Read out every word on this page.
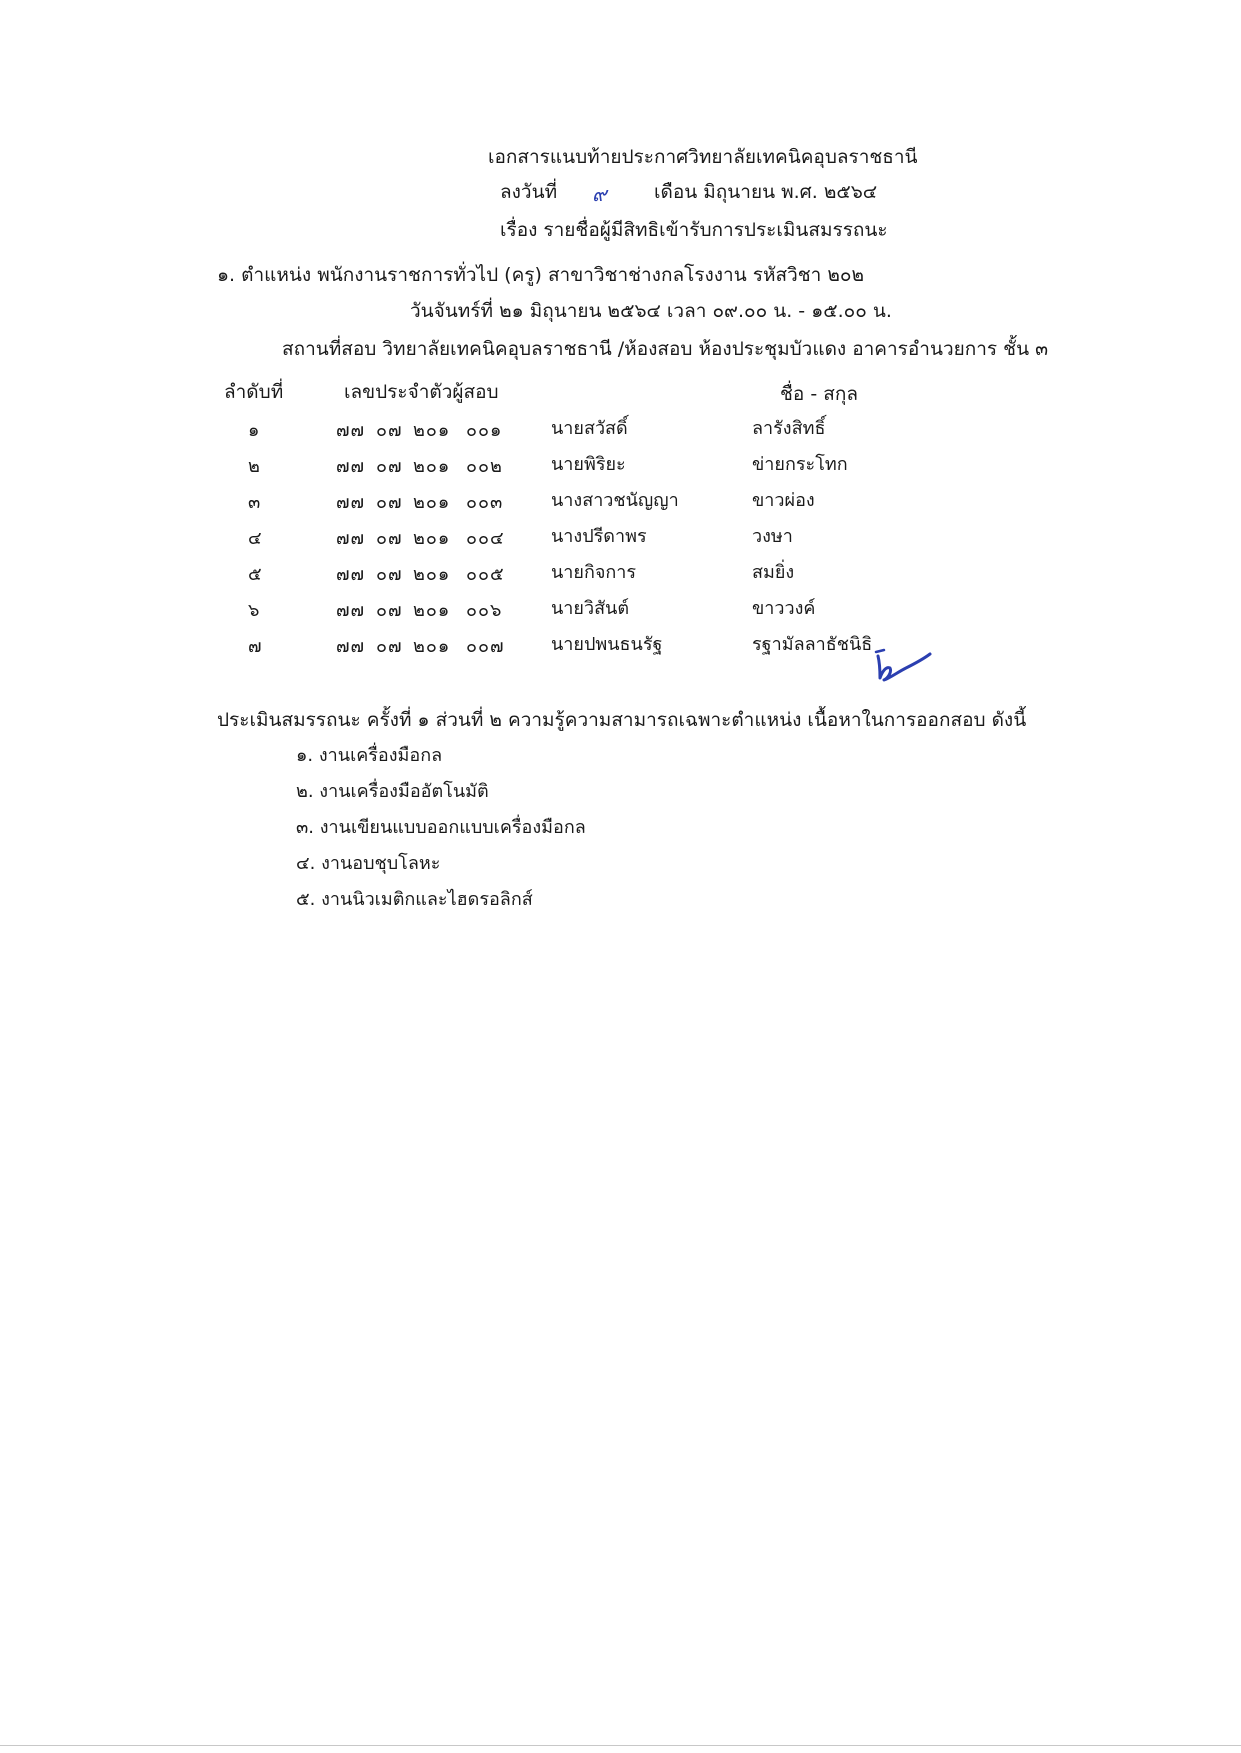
เอกสารแนบท้ายประกาศวิทยาลัยเทคนิคอุบลราชธานี
ลงวันที่ ๙ เดือน มิถุนายน พ.ศ. ๒๕๖๔
เรื่อง รายชื่อผู้มีสิทธิเข้ารับการประเมินสมรรถนะ
๑. ตำแหน่ง พนักงานราชการทั่วไป (ครู) สาขาวิชาช่างกลโรงงาน รหัสวิชา ๒๐๒
วันจันทร์ที่ ๒๑ มิถุนายน ๒๕๖๔ เวลา ๐๙.๐๐ น. - ๑๕.๐๐ น.
สถานที่สอบ วิทยาลัยเทคนิคอุบลราชธานี /ห้องสอบ ห้องประชุมบัวแดง อาคารอำนวยการ ชั้น ๓
ลำดับที่	เลขประจำตัวผู้สอบ	ชื่อ - สกุล
๑	๗๗ ๐๗ ๒๐๑ ๐๐๑	นายสวัสดิ์	ลารังสิทธิ์
๒	๗๗ ๐๗ ๒๐๑ ๐๐๒	นายพิริยะ	ข่ายกระโทก
๓	๗๗ ๐๗ ๒๐๑ ๐๐๓	นางสาวชนัญญา	ขาวผ่อง
๔	๗๗ ๐๗ ๒๐๑ ๐๐๔	นางปรีดาพร	วงษา
๕	๗๗ ๐๗ ๒๐๑ ๐๐๕	นายกิจการ	สมยิ่ง
๖	๗๗ ๐๗ ๒๐๑ ๐๐๖	นายวิสันต์	ขาววงค์
๗	๗๗ ๐๗ ๒๐๑ ๐๐๗	นายปพนธนรัฐ	รฐามัลลาธัชนิธิ
ประเมินสมรรถนะ ครั้งที่ ๑ ส่วนที่ ๒ ความรู้ความสามารถเฉพาะตำแหน่ง เนื้อหาในการออกสอบ ดังนี้
๑. งานเครื่องมือกล
๒. งานเครื่องมืออัตโนมัติ
๓. งานเขียนแบบออกแบบเครื่องมือกล
๔. งานอบชุบโลหะ
๕. งานนิวเมติกและไฮดรอลิกส์
